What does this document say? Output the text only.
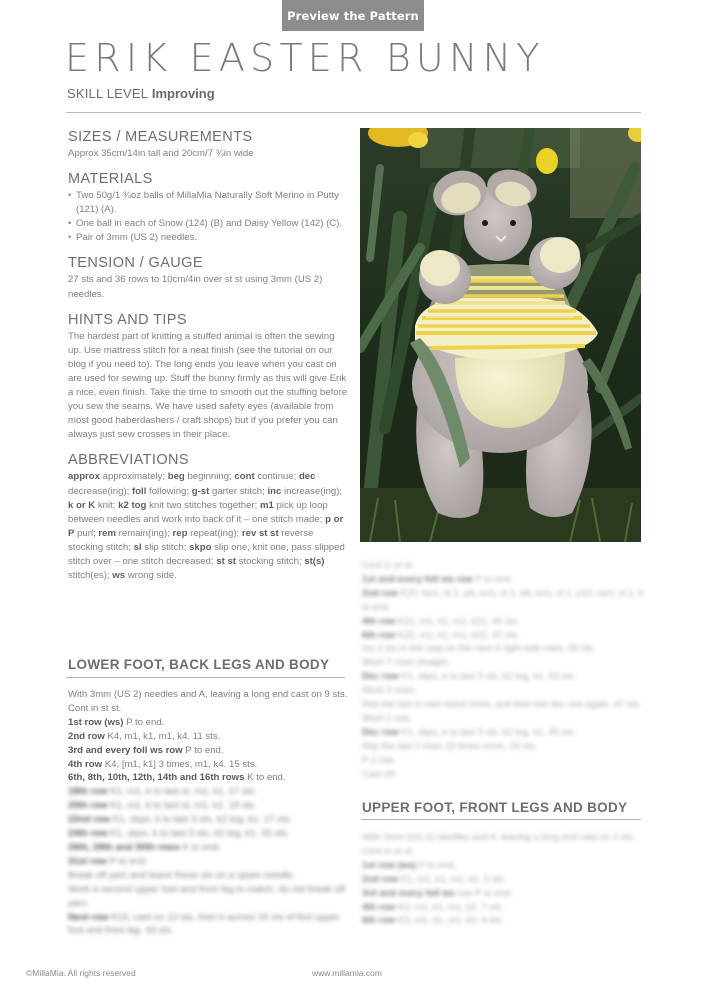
Preview the Pattern
ERIK EASTER BUNNY
SKILL LEVEL Improving
SIZES / MEASUREMENTS

Approx 35cm/14in tall and 20cm/7 ¾in wide

MATERIALS
• Two 50g/1 ¾oz balls of MillaMia Naturally Soft Merino in Putty (121) (A).
• One ball in each of Snow (124) (B) and Daisy Yellow (142) (C).
• Pair of 3mm (US 2) needles.
TENSION / GAUGE

27 sts and 36 rows to 10cm/4in over st st using 3mm (US 2) needles.

HINTS AND TIPS

The hardest part of knitting a stuffed animal is often the sewing up. Use mattress stitch for a neat finish (see the tutorial on our blog if you need to). The long ends you leave when you cast on are used for sewing up. Stuff the bunny firmly as this will give Erik a nice, even finish. Take the time to smooth out the stuffing before you sew the seams. We have used safety eyes (available from most good haberdashers / craft shops) but if you prefer you can always just sew crosses in their place.

ABBREVIATIONS

approx approximately; beg beginning; cont continue; dec decrease(ing); foll following; g-st garter stitch; inc increase(ing); k or K knit; k2 tog knit two stitches together; m1 pick up loop between needles and work into back of it – one stitch made; p or P purl; rem remain(ing); rep repeat(ing); rev st st reverse stocking stitch; sl slip stitch; skpo slip one, knit one, pass slipped stitch over – one stitch decreased; st st stocking stitch; st(s) stitch(es); ws wrong side.

LOWER FOOT, BACK LEGS AND BODY

With 3mm (US 2) needles and A, leaving a long end cast on 9 sts.

Cont in st st.

1st row (ws) P to end.

2nd row K4, m1, k1, m1, k4. 11 sts.

3rd and every foll ws row P to end.

4th row K4, [m1, k1] 3 times, m1, k4. 15 sts.

6th, 8th, 10th, 12th, 14th and 16th rows K to end.

18th row K1, m1, k to last st, m1, k1. 17 sts.

20th row K1, m1, k to last st, m1, k1. 19 sts.

22nd row K1, skpo, k to last 3 sts, k2 tog, k1. 17 sts.

24th row K1, skpo, k to last 3 sts, k2 tog, k1. 15 sts.

26th, 28th and 30th rows K to end.

31st row P to end.

Break off yarn and leave these sts on a spare needle.

Work a second upper foot and front leg to match, do not break off yarn.

Next row K15, cast on 13 sts, then k across 15 sts of first upper foot and front leg. 43 sts.

Cont in st st.

1st and every foll ws row P to end.

2nd row K20, turn, sl 1, p8, turn, sl 1, k8, turn, sl 1, p10, turn, sl 1, k to end.

4th row K21, m1, k1, m1, k21. 45 sts.

6th row K22, m1, k1, m1, k22. 47 sts.

Inc 2 sts in this way on the next 4 right side rows. 55 sts.

Work 7 rows straight.

Dec row K1, skpo, k to last 3 sts, k2 tog, k1. 53 sts.

Work 3 rows.

Rep the last 4 rows twice more, and then the dec row again. 47 sts.

Work 1 row.

Dec row K1, skpo, k to last 3 sts, k2 tog, k1. 45 sts.

Rep the last 2 rows 13 times more. 19 sts.

P 1 row.

Cast off.

UPPER FOOT, FRONT LEGS AND BODY

With 3mm (US 2) needles and A, leaving a long end cast on 3 sts.

Cont in st st.

1st row (ws) P to end.

2nd row K1, m1, k1, m1, k1. 5 sts.

3rd and every foll ws row P to end.

4th row K2, m1, k1, m1, k2. 7 sts.

6th row K3, m1, k1, m1, k3. 9 sts.

©MillaMia. All rights reserved	www.millamia.com
